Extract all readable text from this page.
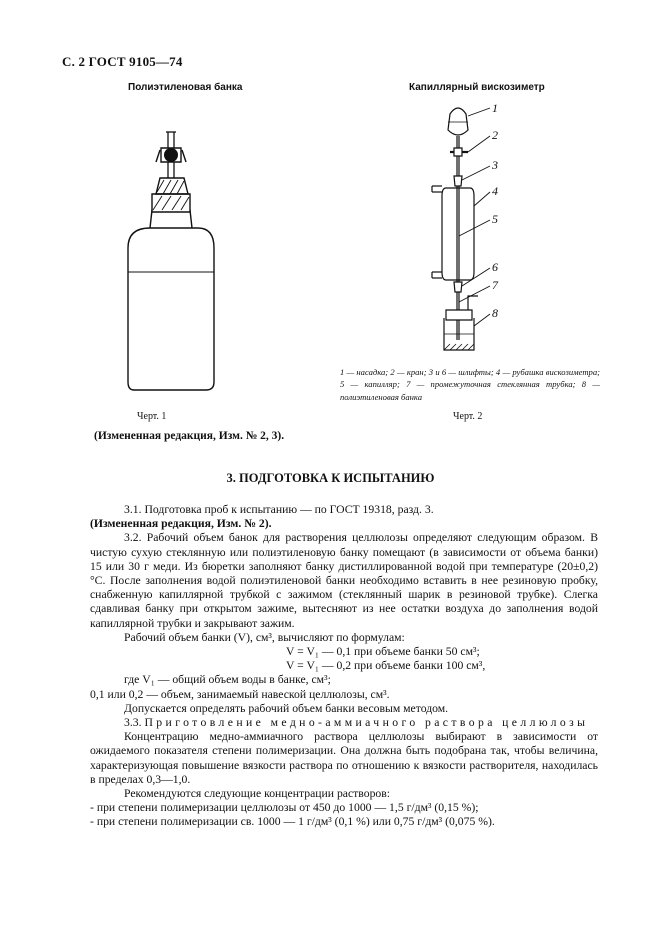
С. 2 ГОСТ 9105—74
Полиэтиленовая банка	Капиллярный вискозиметр
1
2
3
4
5
6
7
8
1 — насадка; 2 — кран; 3 и 6 — шлифты; 4 — рубашка вискозиметра; 5 — капилляр; 7 — промежуточная стеклянная трубка; 8 — полиэтиленовая банка
Черт. 1	Черт. 2
(Измененная редакция, Изм. № 2, 3).
3. ПОДГОТОВКА К ИСПЫТАНИЮ

3.1. Подготовка проб к испытанию — по ГОСТ 19318, разд. 3.

(Измененная редакция, Изм. № 2).

3.2. Рабочий объем банок для растворения целлюлозы определяют следующим образом. В чистую сухую стеклянную или полиэтиленовую банку помещают (в зависимости от объема банки) 15 или 30 г меди. Из бюретки заполняют банку дистиллированной водой при температуре (20±0,2) °С. После заполнения водой полиэтиленовой банки необходимо вставить в нее резиновую пробку, снабженную капиллярной трубкой с зажимом (стеклянный шарик в резиновой трубке). Слегка сдавливая банку при открытом зажиме, вытесняют из нее остатки воздуха до заполнения водой капиллярной трубки и закрывают зажим.

Рабочий объем банки (V), см³, вычисляют по формулам:

V = V₁ — 0,1 при объеме банки 50 см³;

V = V₁ — 0,2 при объеме банки 100 см³,

где V₁ — общий объем воды в банке, см³;

0,1 или 0,2 — объем, занимаемый навеской целлюлозы, см³.

Допускается определять рабочий объем банки весовым методом.

3.3. Приготовление медно-аммиачного раствора целлюлозы

Концентрацию медно-аммиачного раствора целлюлозы выбирают в зависимости от ожидаемого показателя степени полимеризации. Она должна быть подобрана так, чтобы величина, характеризующая повышение вязкости раствора по отношению к вязкости растворителя, находилась в пределах 0,3—1,0.

Рекомендуются следующие концентрации растворов:

- при степени полимеризации целлюлозы от 450 до 1000 — 1,5 г/дм³ (0,15 %);

- при степени полимеризации св. 1000 — 1 г/дм³ (0,1 %) или 0,75 г/дм³ (0,075 %).
